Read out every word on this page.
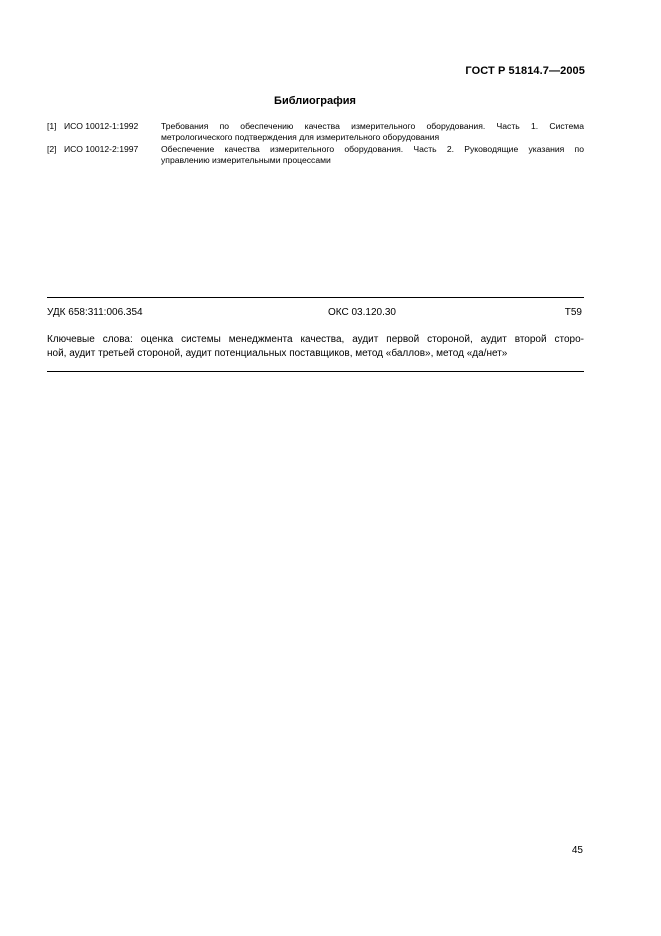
ГОСТ Р 51814.7—2005
Библиография
[1] ИСО 10012-1:1992	Требования по обеспечению качества измерительного оборудования. Часть 1. Система
метрологического подтверждения для измерительного оборудования
[2] ИСО 10012-2:1997	Обеспечение качества измерительного оборудования. Часть 2. Руководящие указания по
управлению измерительными процессами
УДК 658:311:006.354	ОКС 03.120.30	Т59
Ключевые слова: оценка системы менеджмента качества, аудит первой стороной, аудит второй сторо-
ной, аудит третьей стороной, аудит потенциальных поставщиков, метод «баллов», метод «да/нет»
45
